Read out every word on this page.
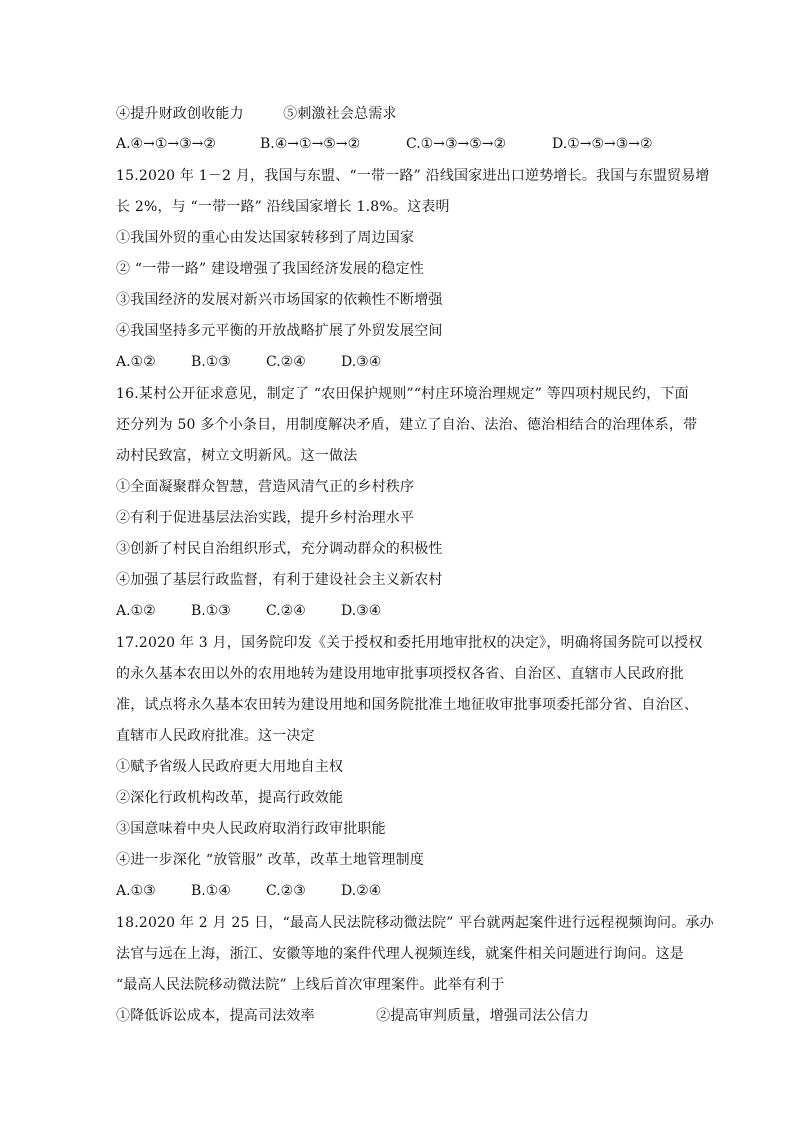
④提升财政创收能力	⑤刺激社会总需求
A.④→①→③→②	B.④→①→⑤→②	C.①→③→⑤→②	D.①→⑤→③→②
15.2020 年 1－2 月，我国与东盟、“一带一路” 沿线国家进出口逆势增长。我国与东盟贸易增
长 2%，与 “一带一路” 沿线国家增长 1.8%。这表明
①我国外贸的重心由发达国家转移到了周边国家
② “一带一路” 建设增强了我国经济发展的稳定性
③我国经济的发展对新兴市场国家的依赖性不断增强
④我国坚持多元平衡的开放战略扩展了外贸发展空间
A.①②	B.①③	C.②④	D.③④
16.某村公开征求意见，制定了 “农田保护规则”“村庄环境治理规定” 等四项村规民约，下面
还分列为 50 多个小条目，用制度解决矛盾，建立了自治、法治、德治相结合的治理体系，带
动村民致富，树立文明新风。这一做法
①全面凝聚群众智慧，营造风清气正的乡村秩序
②有利于促进基层法治实践，提升乡村治理水平
③创新了村民自治组织形式，充分调动群众的积极性
④加强了基层行政监督，有利于建设社会主义新农村
A.①②	B.①③	C.②④	D.③④
17.2020 年 3 月，国务院印发《关于授权和委托用地审批权的决定》，明确将国务院可以授权
的永久基本农田以外的农用地转为建设用地审批事项授权各省、自治区、直辖市人民政府批
准，试点将永久基本农田转为建设用地和国务院批准土地征收审批事项委托部分省、自治区、
直辖市人民政府批准。这一决定
①赋予省级人民政府更大用地自主权
②深化行政机构改革，提高行政效能
③国意味着中央人民政府取消行政审批职能
④进一步深化 “放管服” 改革，改革土地管理制度
A.①③	B.①④	C.②③	D.②④
18.2020 年 2 月 25 日，“最高人民法院移动微法院” 平台就两起案件进行远程视频询问。承办
法官与远在上海，浙江、安徽等地的案件代理人视频连线，就案件相关问题进行询问。这是
“最高人民法院移动微法院” 上线后首次审理案件。此举有利于
①降低诉讼成本，提高司法效率	②提高审判质量，增强司法公信力
